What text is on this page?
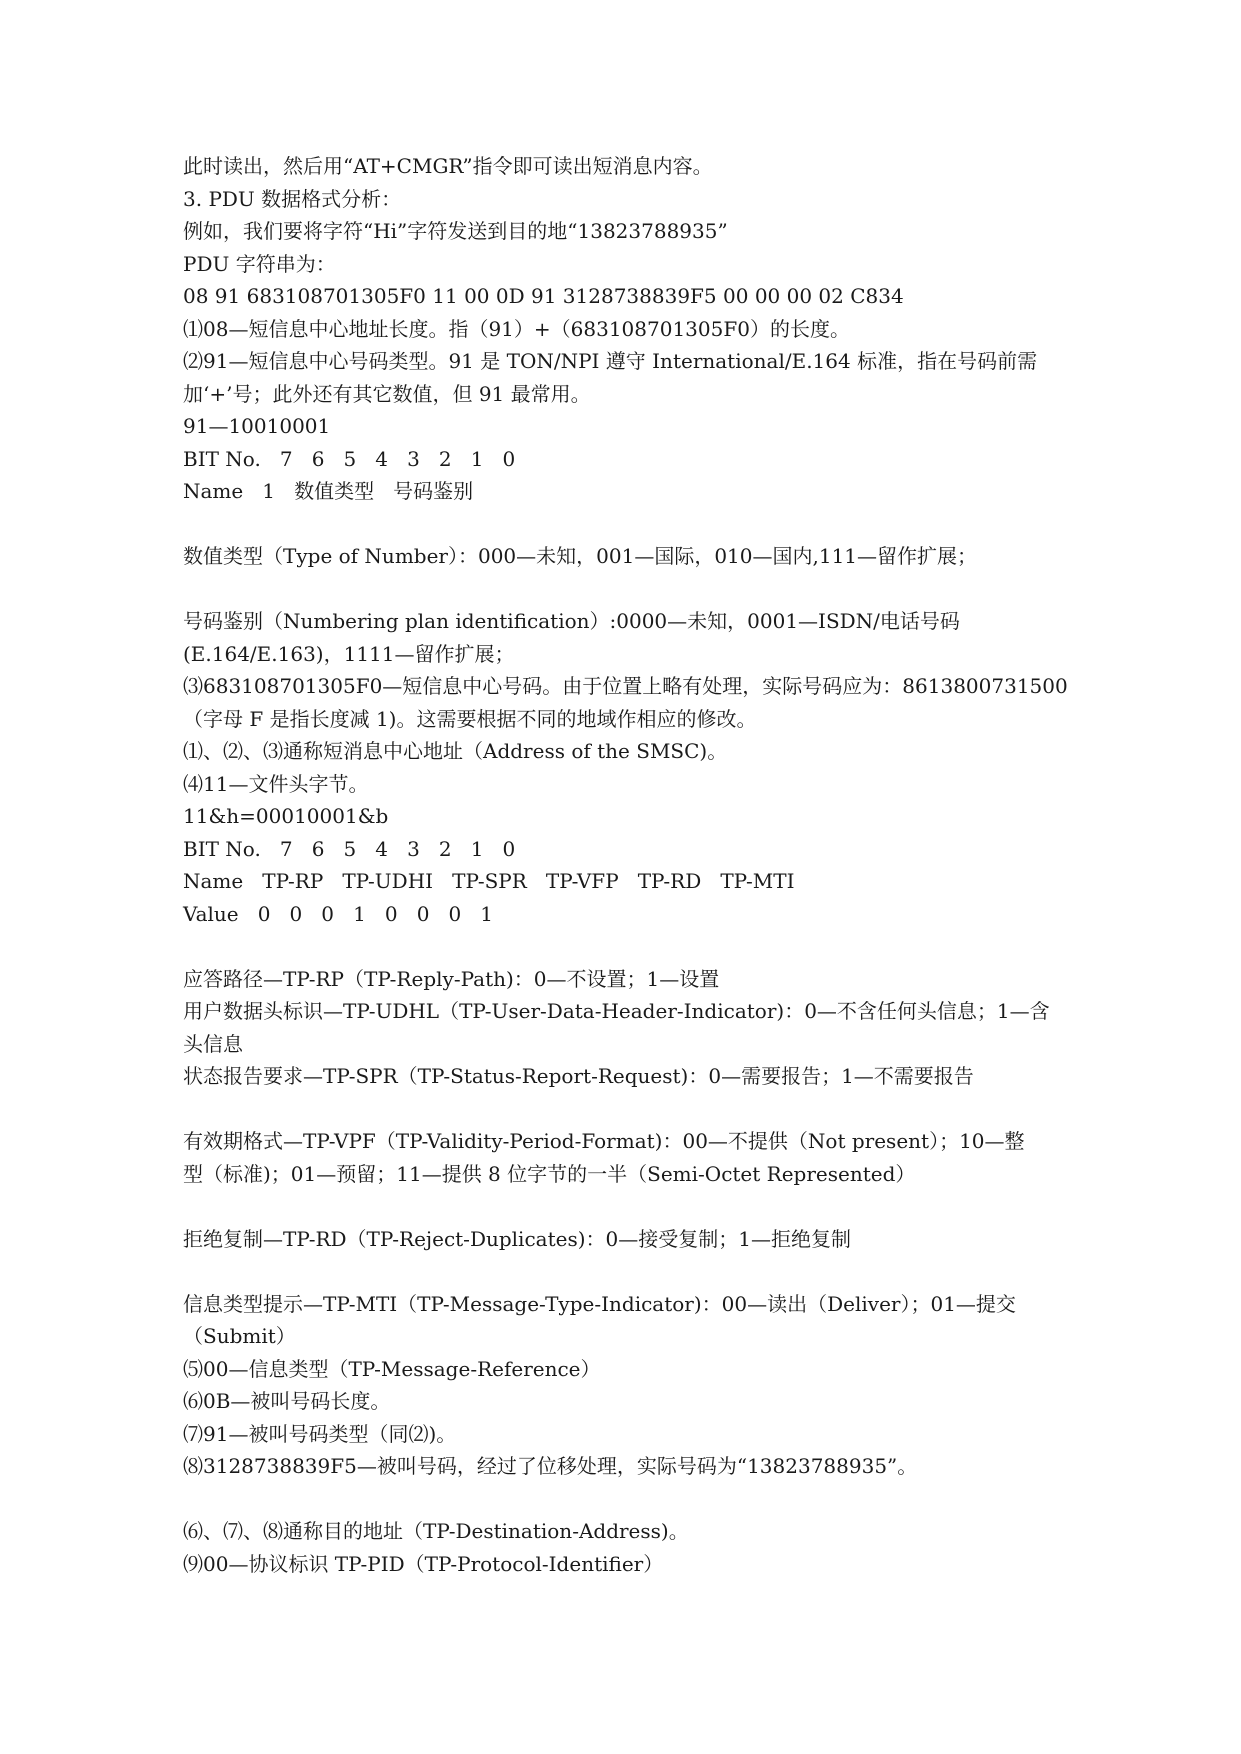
此时读出，然后用“AT+CMGR”指令即可读出短消息内容。
3. PDU 数据格式分析：
例如，我们要将字符“Hi”字符发送到目的地“13823788935”
PDU 字符串为：
08 91 683108701305F0 11 00 0D 91 3128738839F5 00 00 00 02 C834
⑴08—短信息中心地址长度。指（91）+（683108701305F0）的长度。
⑵91—短信息中心号码类型。91 是 TON/NPI 遵守 International/E.164 标准，指在号码前需
加‘+’号；此外还有其它数值，但 91 最常用。
91—10010001
BIT No.   7   6   5   4   3   2   1   0
Name   1   数值类型   号码鉴别
数值类型（Type of Number）：000—未知，001—国际，010—国内,111—留作扩展；
号码鉴别（Numbering plan identification）:0000—未知，0001—ISDN/电话号码
(E.164/E.163)，1111—留作扩展；
⑶683108701305F0—短信息中心号码。由于位置上略有处理，实际号码应为：8613800731500
（字母 F 是指长度减 1)。这需要根据不同的地域作相应的修改。
⑴、⑵、⑶通称短消息中心地址（Address of the SMSC)。
⑷11—文件头字节。
11&h=00010001&b
BIT No.   7   6   5   4   3   2   1   0
Name   TP-RP   TP-UDHI   TP-SPR   TP-VFP   TP-RD   TP-MTI
Value   0   0   0   1   0   0   0   1
应答路径—TP-RP（TP-Reply-Path)：0—不设置；1—设置
用户数据头标识—TP-UDHL（TP-User-Data-Header-Indicator)：0—不含任何头信息；1—含
头信息
状态报告要求—TP-SPR（TP-Status-Report-Request)：0—需要报告；1—不需要报告
有效期格式—TP-VPF（TP-Validity-Period-Format)：00—不提供（Not present）；10—整
型（标准)；01—预留；11—提供 8 位字节的一半（Semi-Octet Represented）
拒绝复制—TP-RD（TP-Reject-Duplicates)：0—接受复制；1—拒绝复制
信息类型提示—TP-MTI（TP-Message-Type-Indicator)：00—读出（Deliver）；01—提交
（Submit）
⑸00—信息类型（TP-Message-Reference）
⑹0B—被叫号码长度。
⑺91—被叫号码类型（同⑵)。
⑻3128738839F5—被叫号码，经过了位移处理，实际号码为“13823788935”。
⑹、⑺、⑻通称目的地址（TP-Destination-Address)。
⑼00—协议标识 TP-PID（TP-Protocol-Identifier）
